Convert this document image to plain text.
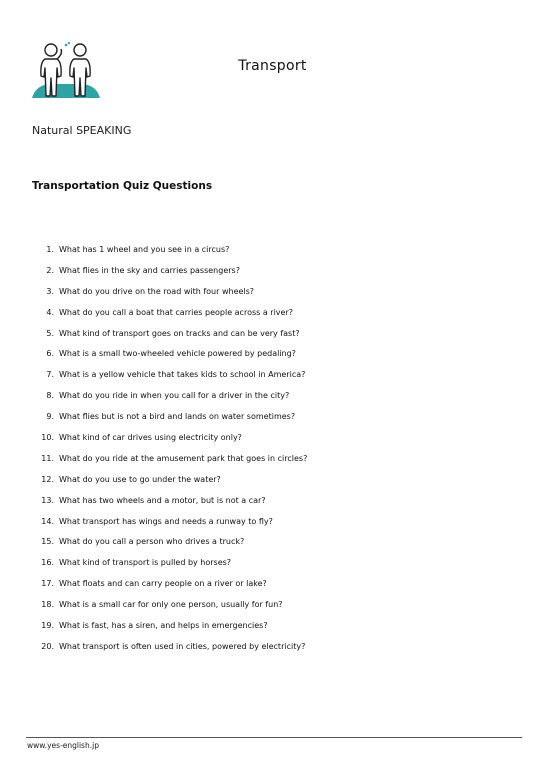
Transport
Natural SPEAKING
Transportation Quiz Questions
1. What has 1 wheel and you see in a circus?
2. What flies in the sky and carries passengers?
3. What do you drive on the road with four wheels?
4. What do you call a boat that carries people across a river?
5. What kind of transport goes on tracks and can be very fast?
6. What is a small two-wheeled vehicle powered by pedaling?
7. What is a yellow vehicle that takes kids to school in America?
8. What do you ride in when you call for a driver in the city?
9. What flies but is not a bird and lands on water sometimes?
10. What kind of car drives using electricity only?
11. What do you ride at the amusement park that goes in circles?
12. What do you use to go under the water?
13. What has two wheels and a motor, but is not a car?
14. What transport has wings and needs a runway to fly?
15. What do you call a person who drives a truck?
16. What kind of transport is pulled by horses?
17. What floats and can carry people on a river or lake?
18. What is a small car for only one person, usually for fun?
19. What is fast, has a siren, and helps in emergencies?
20. What transport is often used in cities, powered by electricity?
www.yes-english.jp
